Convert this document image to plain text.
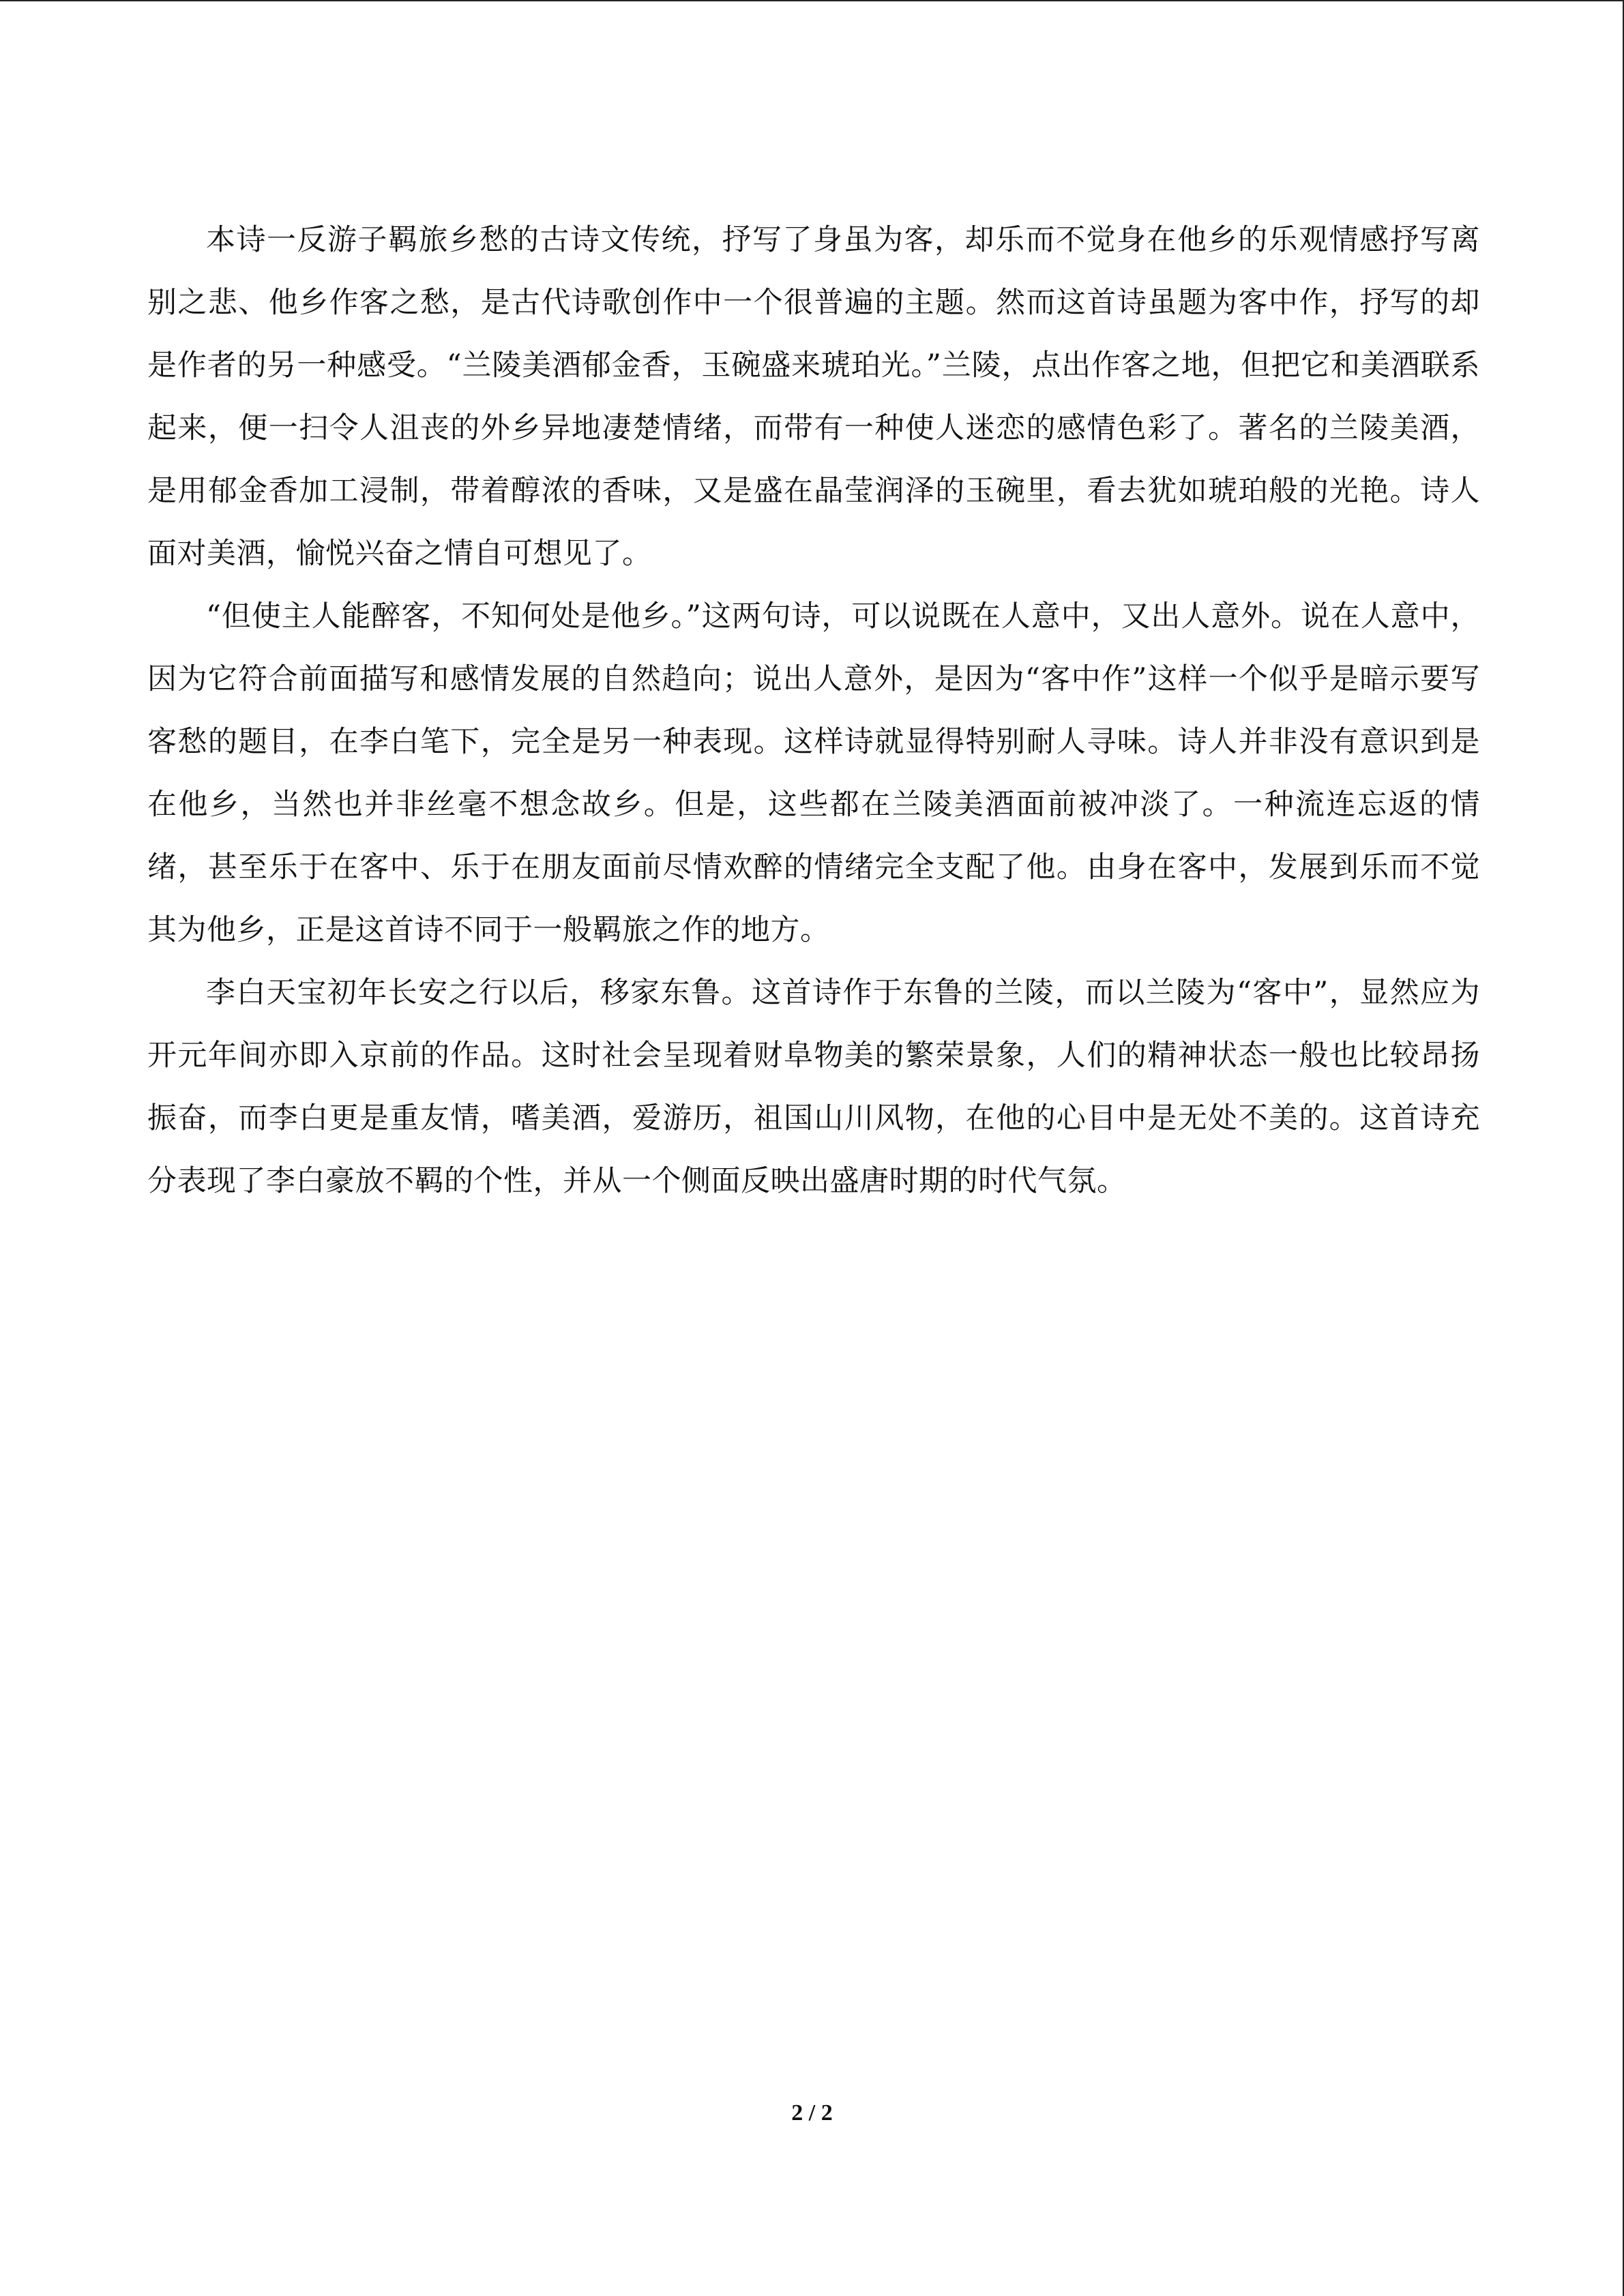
本诗一反游子羁旅乡愁的古诗文传统，抒写了身虽为客，却乐而不觉身在他乡的乐观情感抒写离别之悲、他乡作客之愁，是古代诗歌创作中一个很普遍的主题。然而这首诗虽题为客中作，抒写的却是作者的另一种感受。“兰陵美酒郁金香，玉碗盛来琥珀光。”兰陵，点出作客之地，但把它和美酒联系起来，便一扫令人沮丧的外乡异地凄楚情绪，而带有一种使人迷恋的感情色彩了。著名的兰陵美酒，是用郁金香加工浸制，带着醇浓的香味，又是盛在晶莹润泽的玉碗里，看去犹如琥珀般的光艳。诗人面对美酒，愉悦兴奋之情自可想见了。

“但使主人能醉客，不知何处是他乡。”这两句诗，可以说既在人意中，又出人意外。说在人意中，因为它符合前面描写和感情发展的自然趋向；说出人意外，是因为“客中作”这样一个似乎是暗示要写客愁的题目，在李白笔下，完全是另一种表现。这样诗就显得特别耐人寻味。诗人并非没有意识到是在他乡，当然也并非丝毫不想念故乡。但是，这些都在兰陵美酒面前被冲淡了。一种流连忘返的情绪，甚至乐于在客中、乐于在朋友面前尽情欢醉的情绪完全支配了他。由身在客中，发展到乐而不觉其为他乡，正是这首诗不同于一般羁旅之作的地方。

李白天宝初年长安之行以后，移家东鲁。这首诗作于东鲁的兰陵，而以兰陵为“客中”，显然应为开元年间亦即入京前的作品。这时社会呈现着财阜物美的繁荣景象，人们的精神状态一般也比较昂扬振奋，而李白更是重友情，嗜美酒，爱游历，祖国山川风物，在他的心目中是无处不美的。这首诗充分表现了李白豪放不羁的个性，并从一个侧面反映出盛唐时期的时代气氛。

2 / 2
